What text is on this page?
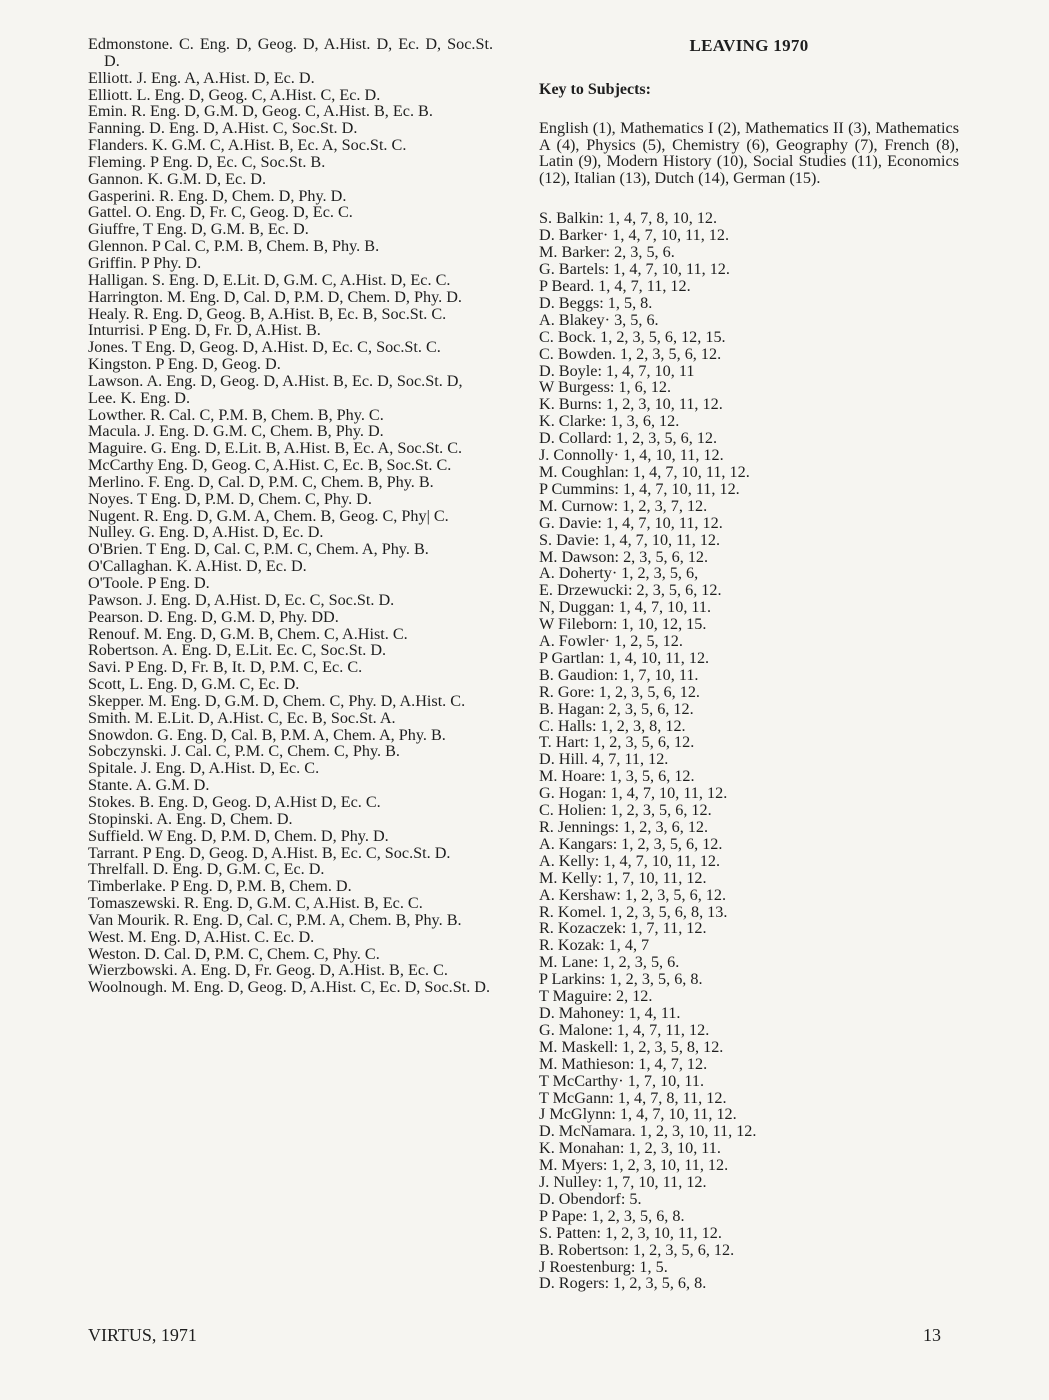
Edmonstone. C. Eng. D, Geog. D, A.Hist. D, Ec. D, Soc.St. D.
Elliott. J. Eng. A, A.Hist. D, Ec. D.
Elliott. L. Eng. D, Geog. C, A.Hist. C, Ec. D.
Emin. R. Eng. D, G.M. D, Geog. C, A.Hist. B, Ec. B.
Fanning. D. Eng. D, A.Hist. C, Soc.St. D.
Flanders. K. G.M. C, A.Hist. B, Ec. A, Soc.St. C.
Fleming. P Eng. D, Ec. C, Soc.St. B.
Gannon. K. G.M. D, Ec. D.
Gasperini. R. Eng. D, Chem. D, Phy. D.
Gattel. O. Eng. D, Fr. C, Geog. D, Ec. C.
Giuffre, T Eng. D, G.M. B, Ec. D.
Glennon. P Cal. C, P.M. B, Chem. B, Phy. B.
Griffin. P Phy. D.
Halligan. S. Eng. D, E.Lit. D, G.M. C, A.Hist. D, Ec. C.
Harrington. M. Eng. D, Cal. D, P.M. D, Chem. D, Phy. D.
Healy. R. Eng. D, Geog. B, A.Hist. B, Ec. B, Soc.St. C.
Inturrisi. P Eng. D, Fr. D, A.Hist. B.
Jones. T Eng. D, Geog. D, A.Hist. D, Ec. C, Soc.St. C.
Kingston. P Eng. D, Geog. D.
Lawson. A. Eng. D, Geog. D, A.Hist. B, Ec. D, Soc.St. D,
Lee. K. Eng. D.
Lowther. R. Cal. C, P.M. B, Chem. B, Phy. C.
Macula. J. Eng. D. G.M. C, Chem. B, Phy. D.
Maguire. G. Eng. D, E.Lit. B, A.Hist. B, Ec. A, Soc.St. C.
McCarthy Eng. D, Geog. C, A.Hist. C, Ec. B, Soc.St. C.
Merlino. F. Eng. D, Cal. D, P.M. C, Chem. B, Phy. B.
Noyes. T Eng. D, P.M. D, Chem. C, Phy. D.
Nugent. R. Eng. D, G.M. A, Chem. B, Geog. C, Phy| C.
Nulley. G. Eng. D, A.Hist. D, Ec. D.
O'Brien. T Eng. D, Cal. C, P.M. C, Chem. A, Phy. B.
O'Callaghan. K. A.Hist. D, Ec. D.
O'Toole. P Eng. D.
Pawson. J. Eng. D, A.Hist. D, Ec. C, Soc.St. D.
Pearson. D. Eng. D, G.M. D, Phy. DD.
Renouf. M. Eng. D, G.M. B, Chem. C, A.Hist. C.
Robertson. A. Eng. D, E.Lit. Ec. C, Soc.St. D.
Savi. P Eng. D, Fr. B, It. D, P.M. C, Ec. C.
Scott, L. Eng. D, G.M. C, Ec. D.
Skepper. M. Eng. D, G.M. D, Chem. C, Phy. D, A.Hist. C.
Smith. M. E.Lit. D, A.Hist. C, Ec. B, Soc.St. A.
Snowdon. G. Eng. D, Cal. B, P.M. A, Chem. A, Phy. B.
Sobczynski. J. Cal. C, P.M. C, Chem. C, Phy. B.
Spitale. J. Eng. D, A.Hist. D, Ec. C.
Stante. A. G.M. D.
Stokes. B. Eng. D, Geog. D, A.Hist D, Ec. C.
Stopinski. A. Eng. D, Chem. D.
Suffield. W Eng. D, P.M. D, Chem. D, Phy. D.
Tarrant. P Eng. D, Geog. D, A.Hist. B, Ec. C, Soc.St. D.
Threlfall. D. Eng. D, G.M. C, Ec. D.
Timberlake. P Eng. D, P.M. B, Chem. D.
Tomaszewski. R. Eng. D, G.M. C, A.Hist. B, Ec. C.
Van Mourik. R. Eng. D, Cal. C, P.M. A, Chem. B, Phy. B.
West. M. Eng. D, A.Hist. C. Ec. D.
Weston. D. Cal. D, P.M. C, Chem. C, Phy. C.
Wierzbowski. A. Eng. D, Fr. Geog. D, A.Hist. B, Ec. C.
Woolnough. M. Eng. D, Geog. D, A.Hist. C, Ec. D, Soc.St. D.
LEAVING 1970
Key to Subjects:
English (1), Mathematics I (2), Mathematics II (3), Mathematics A (4), Physics (5), Chemistry (6), Geography (7), French (8), Latin (9), Modern History (10), Social Studies (11), Economics (12), Italian (13), Dutch (14), German (15).
S. Balkin: 1, 4, 7, 8, 10, 12.
D. Barker· 1, 4, 7, 10, 11, 12.
M. Barker: 2, 3, 5, 6.
G. Bartels: 1, 4, 7, 10, 11, 12.
P Beard. 1, 4, 7, 11, 12.
D. Beggs: 1, 5, 8.
A. Blakey· 3, 5, 6.
C. Bock. 1, 2, 3, 5, 6, 12, 15.
C. Bowden. 1, 2, 3, 5, 6, 12.
D. Boyle: 1, 4, 7, 10, 11
W Burgess: 1, 6, 12.
K. Burns: 1, 2, 3, 10, 11, 12.
K. Clarke: 1, 3, 6, 12.
D. Collard: 1, 2, 3, 5, 6, 12.
J. Connolly· 1, 4, 10, 11, 12.
M. Coughlan: 1, 4, 7, 10, 11, 12.
P Cummins: 1, 4, 7, 10, 11, 12.
M. Curnow: 1, 2, 3, 7, 12.
G. Davie: 1, 4, 7, 10, 11, 12.
S. Davie: 1, 4, 7, 10, 11, 12.
M. Dawson: 2, 3, 5, 6, 12.
A. Doherty· 1, 2, 3, 5, 6,
E. Drzewucki: 2, 3, 5, 6, 12.
N, Duggan: 1, 4, 7, 10, 11.
W Fileborn: 1, 10, 12, 15.
A. Fowler· 1, 2, 5, 12.
P Gartlan: 1, 4, 10, 11, 12.
B. Gaudion: 1, 7, 10, 11.
R. Gore: 1, 2, 3, 5, 6, 12.
B. Hagan: 2, 3, 5, 6, 12.
C. Halls: 1, 2, 3, 8, 12.
T. Hart: 1, 2, 3, 5, 6, 12.
D. Hill. 4, 7, 11, 12.
M. Hoare: 1, 3, 5, 6, 12.
G. Hogan: 1, 4, 7, 10, 11, 12.
C. Holien: 1, 2, 3, 5, 6, 12.
R. Jennings: 1, 2, 3, 6, 12.
A. Kangars: 1, 2, 3, 5, 6, 12.
A. Kelly: 1, 4, 7, 10, 11, 12.
M. Kelly: 1, 7, 10, 11, 12.
A. Kershaw: 1, 2, 3, 5, 6, 12.
R. Komel. 1, 2, 3, 5, 6, 8, 13.
R. Kozaczek: 1, 7, 11, 12.
R. Kozak: 1, 4, 7
M. Lane: 1, 2, 3, 5, 6.
P Larkins: 1, 2, 3, 5, 6, 8.
T Maguire: 2, 12.
D. Mahoney: 1, 4, 11.
G. Malone: 1, 4, 7, 11, 12.
M. Maskell: 1, 2, 3, 5, 8, 12.
M. Mathieson: 1, 4, 7, 12.
T McCarthy· 1, 7, 10, 11.
T McGann: 1, 4, 7, 8, 11, 12.
J McGlynn: 1, 4, 7, 10, 11, 12.
D. McNamara. 1, 2, 3, 10, 11, 12.
K. Monahan: 1, 2, 3, 10, 11.
M. Myers: 1, 2, 3, 10, 11, 12.
J. Nulley: 1, 7, 10, 11, 12.
D. Obendorf: 5.
P Pape: 1, 2, 3, 5, 6, 8.
S. Patten: 1, 2, 3, 10, 11, 12.
B. Robertson: 1, 2, 3, 5, 6, 12.
J Roestenburg: 1, 5.
D. Rogers: 1, 2, 3, 5, 6, 8.
VIRTUS, 1971	13
